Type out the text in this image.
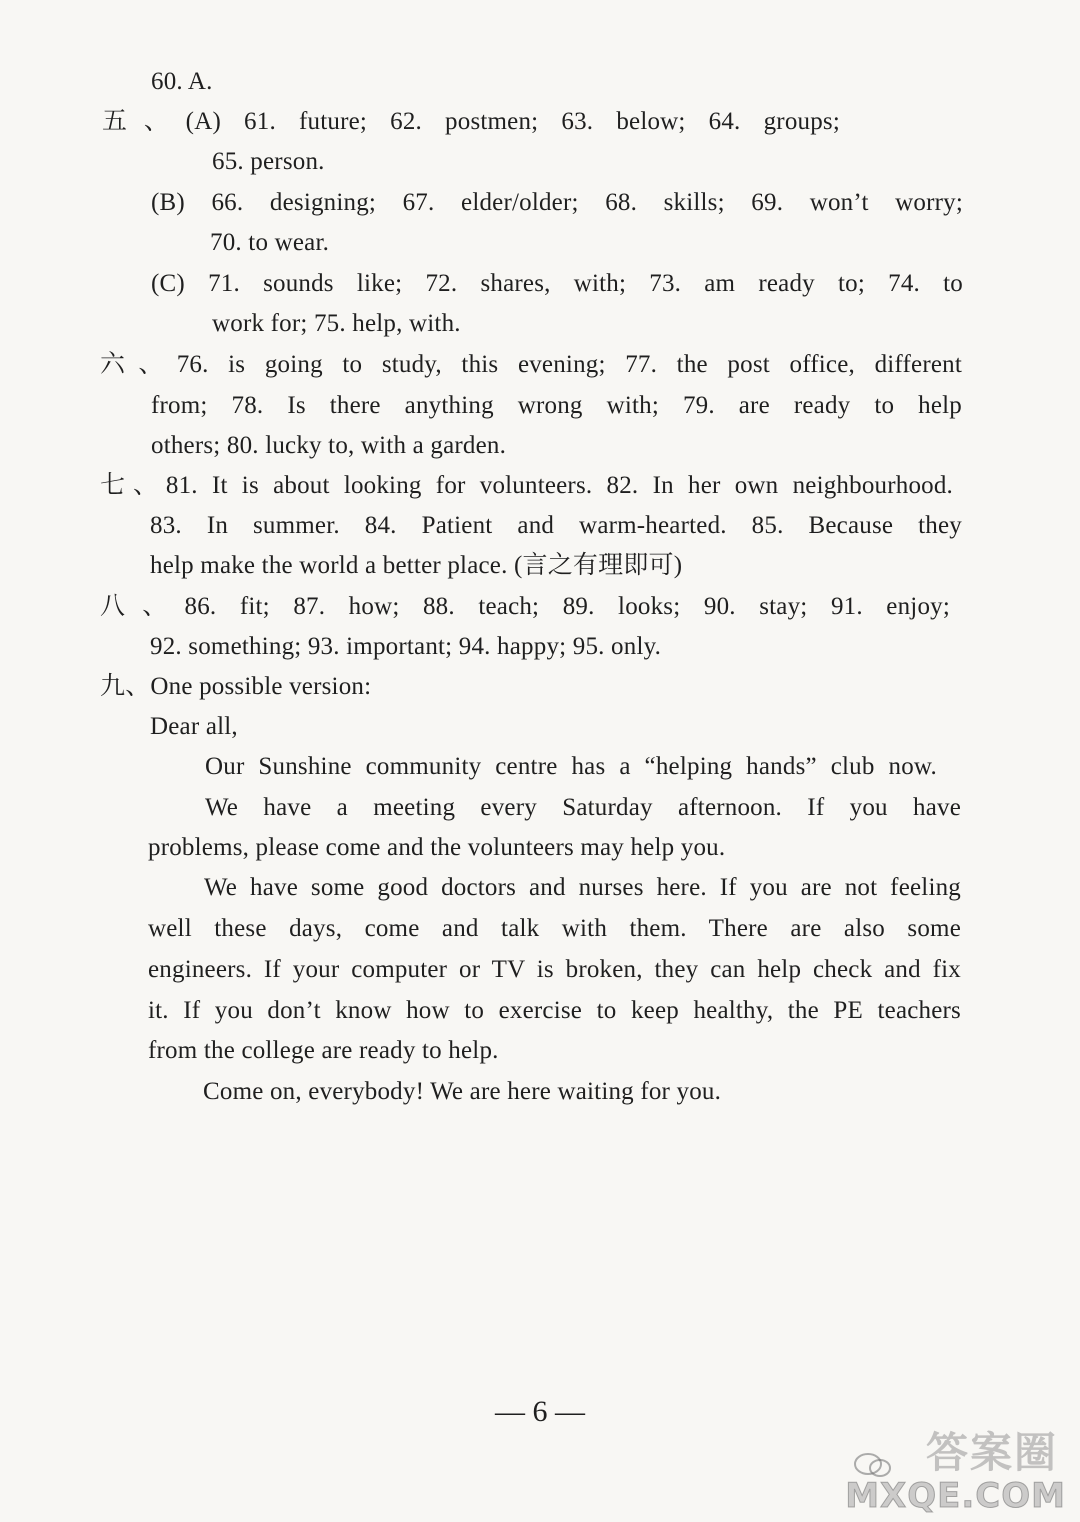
60. A.
五、(A) 61. future; 62. postmen; 63. below; 64. groups;
65. person.
(B) 66. designing; 67. elder/older; 68. skills; 69. won’t worry;
70. to wear.
(C) 71. sounds like; 72. shares, with; 73. am ready to; 74. to
work for; 75. help, with.
六、76. is going to study, this evening; 77. the post office, different
from; 78. Is there anything wrong with; 79. are ready to help
others; 80. lucky to, with a garden.
七、81. It is about looking for volunteers. 82. In her own neighbourhood.
83. In summer. 84. Patient and warm-hearted. 85. Because they
help make the world a better place. (言之有理即可)
八、86. fit; 87. how; 88. teach; 89. looks; 90. stay; 91. enjoy;
92. something; 93. important; 94. happy; 95. only.
九、One possible version:
Dear all,
Our Sunshine community centre has a “helping hands” club now.
We have a meeting every Saturday afternoon. If you have
problems, please come and the volunteers may help you.
We have some good doctors and nurses here. If you are not feeling
well these days, come and talk with them. There are also some
engineers. If your computer or TV is broken, they can help check and fix
it. If you don’t know how to exercise to keep healthy, the PE teachers
from the college are ready to help.
Come on, everybody! We are here waiting for you.
— 6 —
答案圈
MXQE.COM
